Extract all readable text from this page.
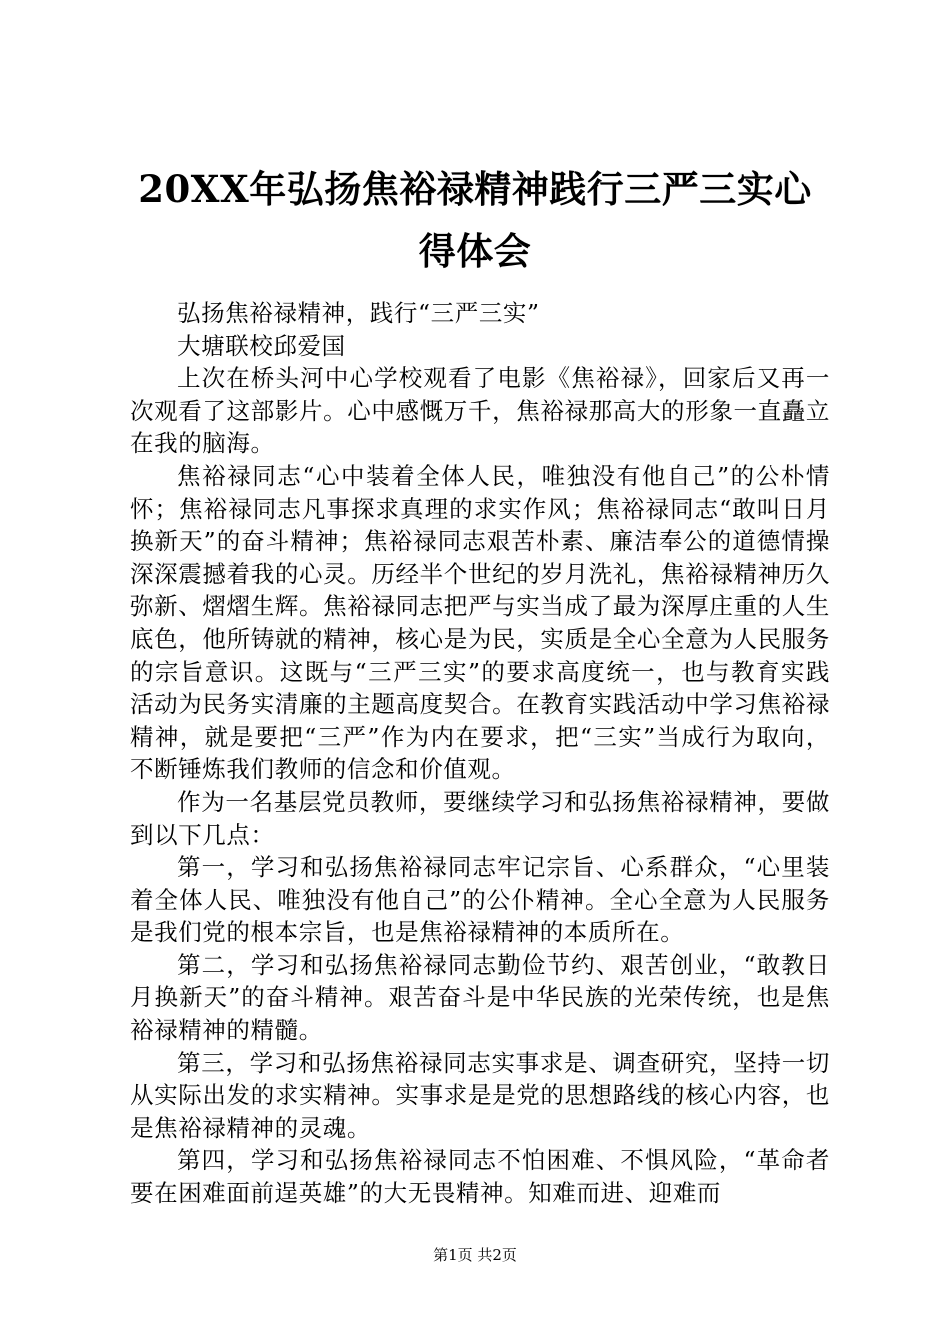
20XX年弘扬焦裕禄精神践行三严三实心得体会

弘扬焦裕禄精神，践行“三严三实”

大塘联校邱爱国

上次在桥头河中心学校观看了电影《焦裕禄》，回家后又再一次观看了这部影片。心中感慨万千，焦裕禄那高大的形象一直矗立在我的脑海。

焦裕禄同志“心中装着全体人民，唯独没有他自己”的公朴情怀；焦裕禄同志凡事探求真理的求实作风；焦裕禄同志“敢叫日月换新天”的奋斗精神；焦裕禄同志艰苦朴素、廉洁奉公的道德情操深深震撼着我的心灵。历经半个世纪的岁月洗礼，焦裕禄精神历久弥新、熠熠生辉。焦裕禄同志把严与实当成了最为深厚庄重的人生底色，他所铸就的精神，核心是为民，实质是全心全意为人民服务的宗旨意识。这既与“三严三实”的要求高度统一，也与教育实践活动为民务实清廉的主题高度契合。在教育实践活动中学习焦裕禄精神，就是要把“三严”作为内在要求，把“三实”当成行为取向，不断锤炼我们教师的信念和价值观。

作为一名基层党员教师，要继续学习和弘扬焦裕禄精神，要做到以下几点：

第一，学习和弘扬焦裕禄同志牢记宗旨、心系群众，“心里装着全体人民、唯独没有他自己”的公仆精神。全心全意为人民服务是我们党的根本宗旨，也是焦裕禄精神的本质所在。

第二，学习和弘扬焦裕禄同志勤俭节约、艰苦创业，“敢教日月换新天”的奋斗精神。艰苦奋斗是中华民族的光荣传统，也是焦裕禄精神的精髓。

第三，学习和弘扬焦裕禄同志实事求是、调查研究，坚持一切从实际出发的求实精神。实事求是是党的思想路线的核心内容，也是焦裕禄精神的灵魂。

第四，学习和弘扬焦裕禄同志不怕困难、不惧风险，“革命者要在困难面前逞英雄”的大无畏精神。知难而进、迎难而

第1页 共2页
